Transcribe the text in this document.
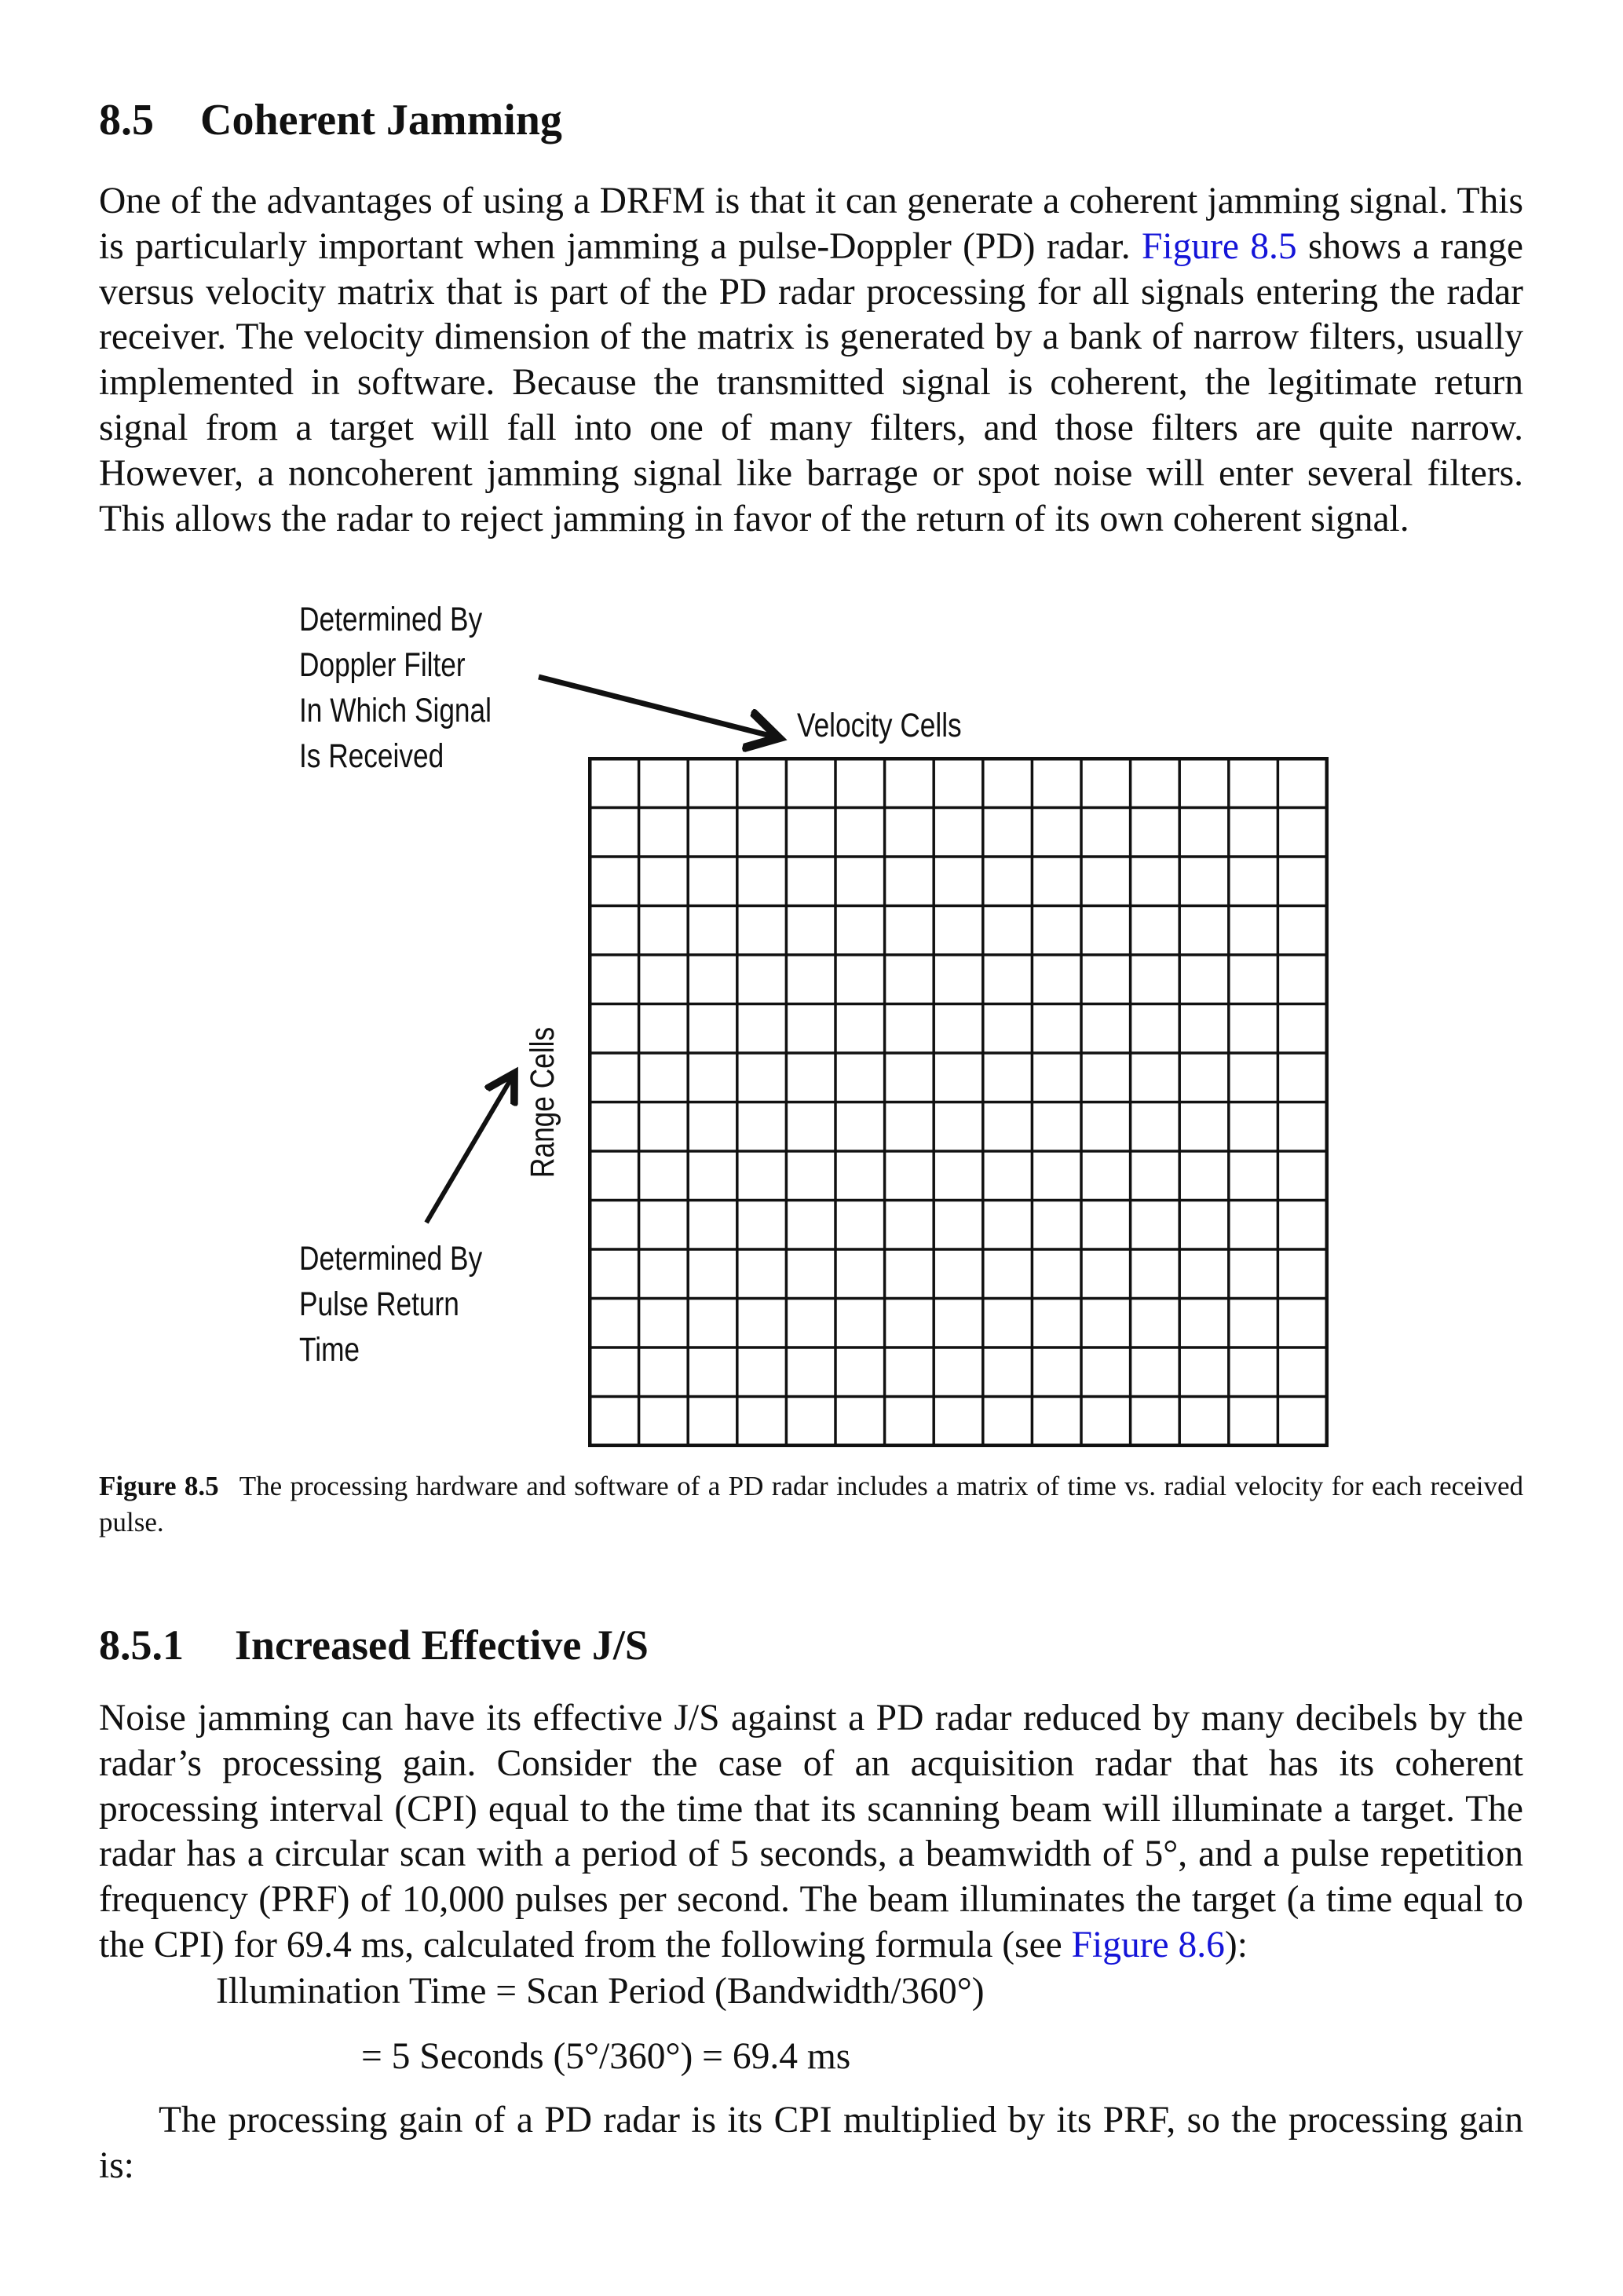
8.5 Coherent Jamming

One of the advantages of using a DRFM is that it can generate a coherent jamming signal. This is particularly important when jamming a pulse-Doppler (PD) radar. Figure 8.5 shows a range versus velocity matrix that is part of the PD radar processing for all signals entering the radar receiver. The velocity dimension of the matrix is generated by a bank of narrow filters, usually implemented in software. Because the transmitted signal is coherent, the legitimate return signal from a target will fall into one of many filters, and those filters are quite narrow. However, a noncoherent jamming signal like barrage or spot noise will enter several filters. This allows the radar to reject jamming in favor of the return of its own coherent signal.

Determined By
Doppler Filter
In Which Signal
Is Received
Velocity Cells
Range Cells
Determined By
Pulse Return
Time
Figure 8.5 The processing hardware and software of a PD radar includes a matrix of time vs. radial velocity for each received pulse.
8.5.1 Increased Effective J/S

Noise jamming can have its effective J/S against a PD radar reduced by many decibels by the radar’s processing gain. Consider the case of an acquisition radar that has its coherent processing interval (CPI) equal to the time that its scanning beam will illuminate a target. The radar has a circular scan with a period of 5 seconds, a beamwidth of 5°, and a pulse repetition frequency (PRF) of 10,000 pulses per second. The beam illuminates the target (a time equal to the CPI) for 69.4 ms, calculated from the following formula (see Figure 8.6):

Illumination Time = Scan Period (Bandwidth/360°)
= 5 Seconds (5°/360°) = 69.4 ms

The processing gain of a PD radar is its CPI multiplied by its PRF, so the processing gain is:
